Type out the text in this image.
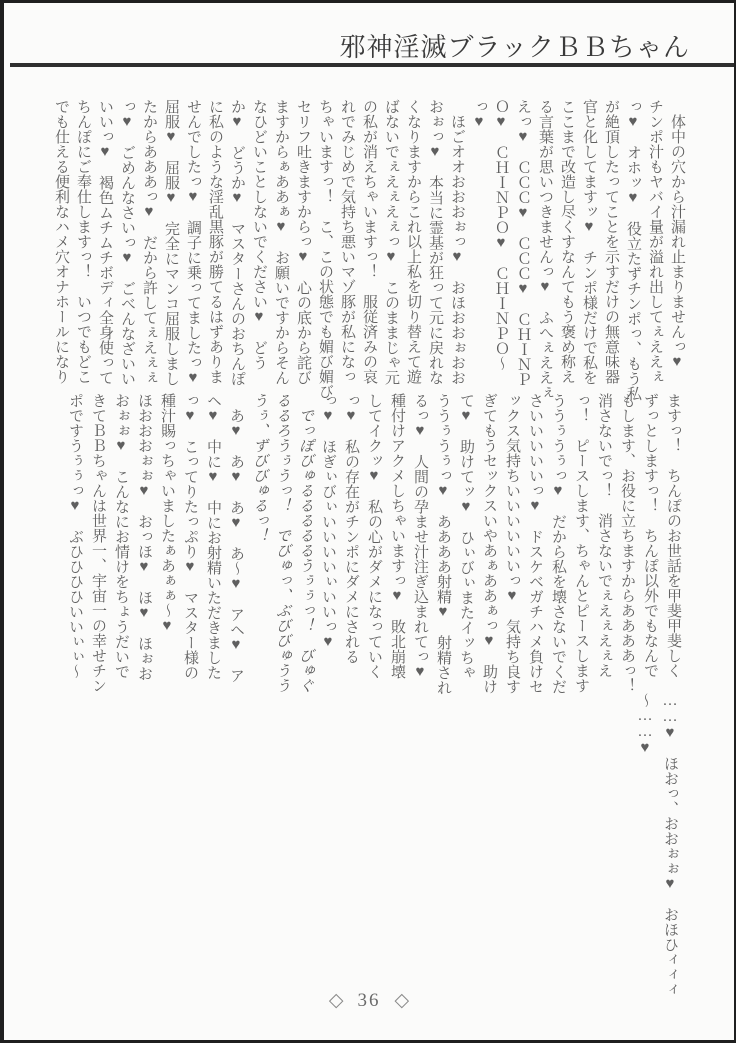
邪神淫滅ブラックＢＢちゃん
体中の穴から汁漏れ止まりませんっ♥
チンポ汁もヤバイ量が溢れ出してぇええぇ
っ♥　オホッ♥　役立たずチンポっ、もう私
が絶頂したってことを示すだけの無意味器
官と化してますッ♥　チンポ様だけで私を
ここまで改造し尽くすなんてもう褒め称え
る言葉が思いつきませんっ♥　ふへぇええぇ
えっ♥　ＣＣＣ♥　ＣＣＣ♥　ＣＨＩＮＰ
Ｏ♥　ＣＨＩＮＰＯ♥　ＣＨＩＮＰＯ～
っ♥
ほごオオおおおぉっ♥　おほおおぉおお
おぉっ♥　本当に霊基が狂って元に戻れな
くなりますからこれ以上私を切り替えて遊
ばないでぇえぇえぇっ♥　このままじゃ元
の私が消えちゃいますっ！　服従済みの哀
れでみじめで気持ち悪いマゾ豚が私になっ
ちゃいますっ！　こ、この状態でも媚び媚び
セリフ吐きますからっ♥　心の底から詫び
ますからぁああぁ♥　お願いですからそん
なひどいことしないでください♥　どう
か♥　どうか♥　マスターさんのおちんぽ
に私のような淫乱黒豚が勝てるはずありま
せんでしたっ♥　調子に乗ってましたっ♥
屈服♥　屈服♥　完全にマンコ屈服しまし
たからあああっ♥　だから許してぇえぇぇ
っ♥　ごめんなさいっ♥　ごべんなざいい
いいっ♥　褐色ムチムチボディ全身使って
ちんぽにご奉仕しますっ！　いつでもどこ
でも仕える便利なハメ穴オナホールになり
ますっ！　ちんぽのお世話を甲斐甲斐しく
ずっとしますっ！　ちんぽ以外でもなんで
もします、お役に立ちますからああああっ！
消さないでっ！　消さないでぇえぇえぇえ
っ！　ピースします、ちゃんとピースします
ううぅうぅっ♥　だから私を壊さないでくだ
さいいいいいっ♥　ドスケベガチハメ負けセ
ックス気持ちいいいいいいっ♥　気持ち良す
ぎてもうセックスいやあぁああぁっ♥　助け
て♥　助けてッ♥　ひぃびぃまたイッちゃ
ううぅうぅっ♥　ああああ射精♥　射精され
るっ♥　人間の孕ませ汁注ぎ込まれてっ♥
種付けアクメしちゃいますっ♥　敗北崩壊
してイクッ♥　私の心がダメになっていく
っ♥　私の存在がチンポにダメにされる
っ♥　ほぎぃびぃいいいいぃいいっ♥
でっぽびゅるるるるるうぅぅっ！　びゅぐ
るるろうぅうっ！　でびゅっ、ぶびびゅうう
うぅ、ずびびゅるっ！
あ♥　あ♥　あ♥　あ～♥　アヘ♥　ア
ヘ♥　中に♥　中にお射精いただきました
っ♥　こってりたっぷり♥　マスター様の
種汁賜っちゃいましたぁあぁぁ～♥
ほおおおぉぉ♥　おっほ♥　ほ♥　ほぉお
おぉぉ♥　こんなにお情けをちょうだいで
きてＢＢちゃんは世界一、宇宙一の幸せチン
ポですうぅぅっ♥　ぶひひひひいいぃぃ～
……♥　ほおっ、おおぉぉ♥　おほひィィィ
～……♥
◇ 36 ◇
